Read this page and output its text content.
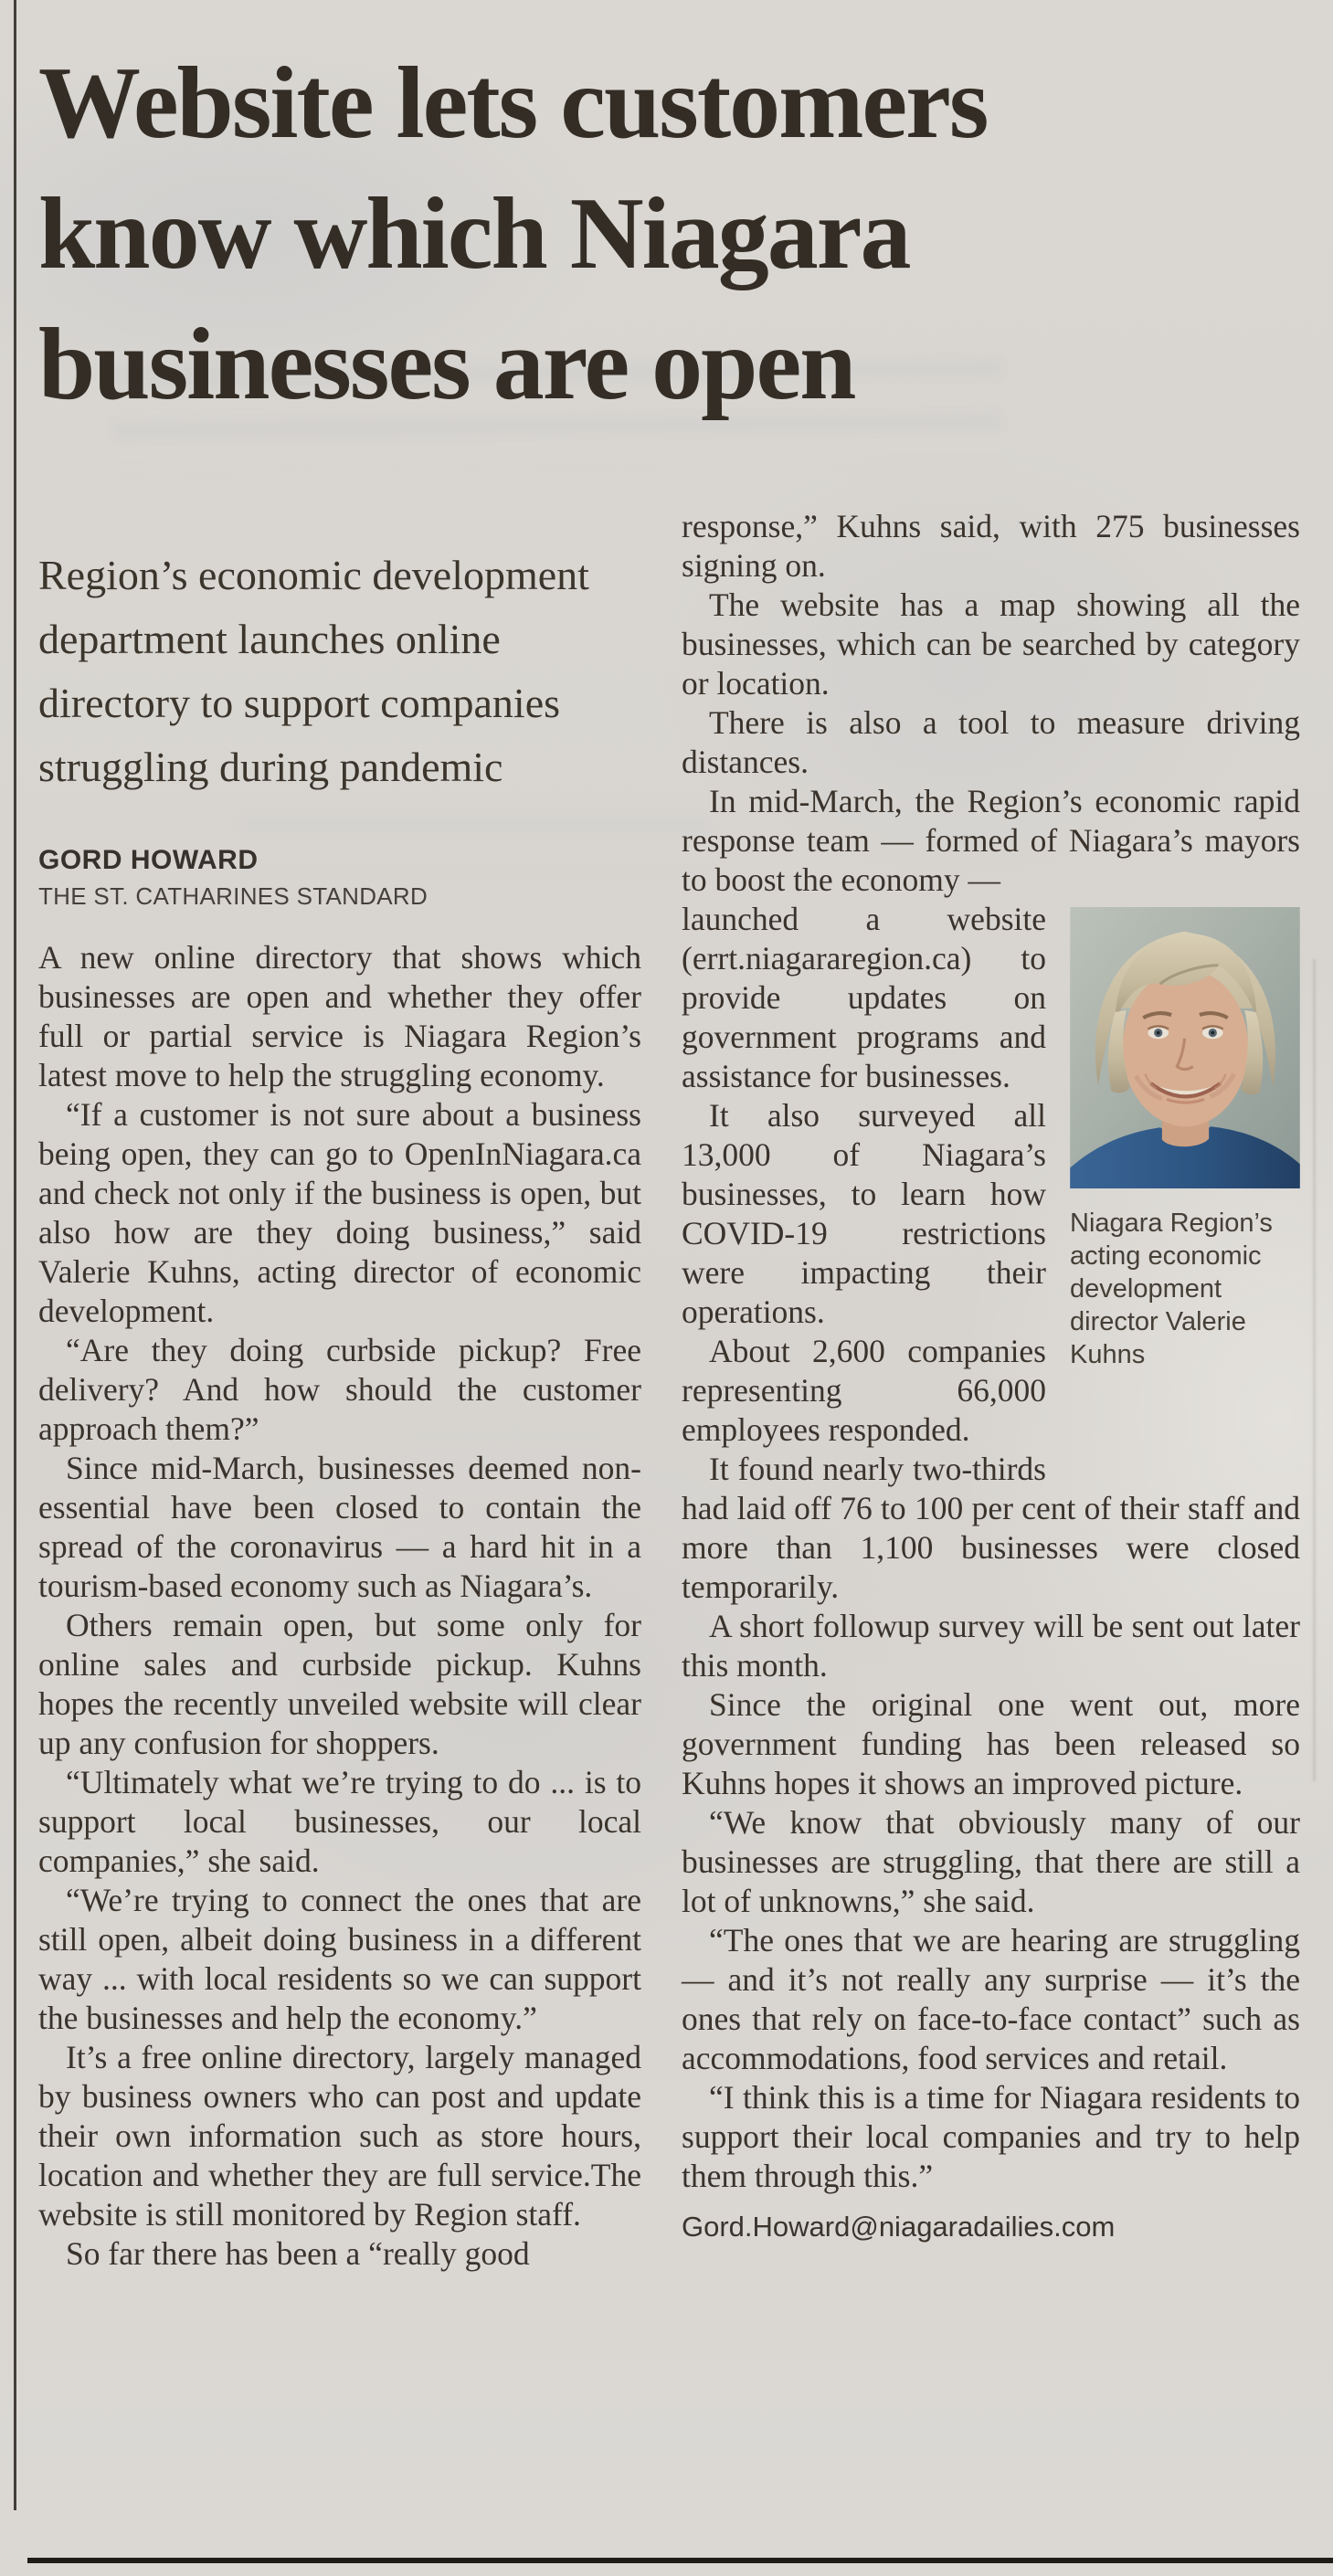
Website lets customers

know which Niagara

businesses are open

Region’s economic development

department launches online

directory to support companies

struggling during pandemic

GORD HOWARD
THE ST. CATHARINES STANDARD

A new online directory that shows which businesses are open and whether they offer full or partial service is Niagara Region’s latest move to help the struggling economy.

“If a customer is not sure about a business being open, they can go to OpenInNiagara.ca and check not only if the business is open, but also how are they doing business,” said Valerie Kuhns, acting director of economic development.

“Are they doing curbside pickup? Free delivery? And how should the customer approach them?”

Since mid-March, businesses deemed non-essential have been closed to contain the spread of the coronavirus — a hard hit in a tourism-based economy such as Niagara’s.

Others remain open, but some only for online sales and curbside pickup. Kuhns hopes the recently unveiled website will clear up any confusion for shoppers.

“Ultimately what we’re trying to do ... is to support local businesses, our local companies,” she said.

“We’re trying to connect the ones that are still open, albeit doing business in a different way ... with local residents so we can support the businesses and help the economy.”

It’s a free online directory, largely managed by business owners who can post and update their own information such as store hours, location and whether they are full service.The website is still monitored by Region staff.

So far there has been a “really good

response,” Kuhns said, with 275 businesses signing on.

The website has a map showing all the businesses, which can be searched by category or location.

There is also a tool to measure driving distances.

In mid-March, the Region’s economic rapid response team — formed of Niagara’s mayors to boost the economy —

Niagara Region’s acting economic development director Valerie Kuhns

launched a website (errt.niagararegion.ca) to provide updates on government programs and assistance for businesses.

It also surveyed all 13,000 of Niagara’s businesses, to learn how COVID-19 restrictions were impacting their operations.

About 2,600 companies representing 66,000 employees responded.

It found nearly two-thirds had laid off 76 to 100 per cent of their staff and more than 1,100 businesses were closed temporarily.

A short followup survey will be sent out later this month.

Since the original one went out, more government funding has been released so Kuhns hopes it shows an improved picture.

“We know that obviously many of our businesses are struggling, that there are still a lot of unknowns,” she said.

“The ones that we are hearing are struggling — and it’s not really any surprise — it’s the ones that rely on face-to-face contact” such as accommodations, food services and retail.

“I think this is a time for Niagara residents to support their local companies and try to help them through this.”

Gord.Howard@niagaradailies.com
